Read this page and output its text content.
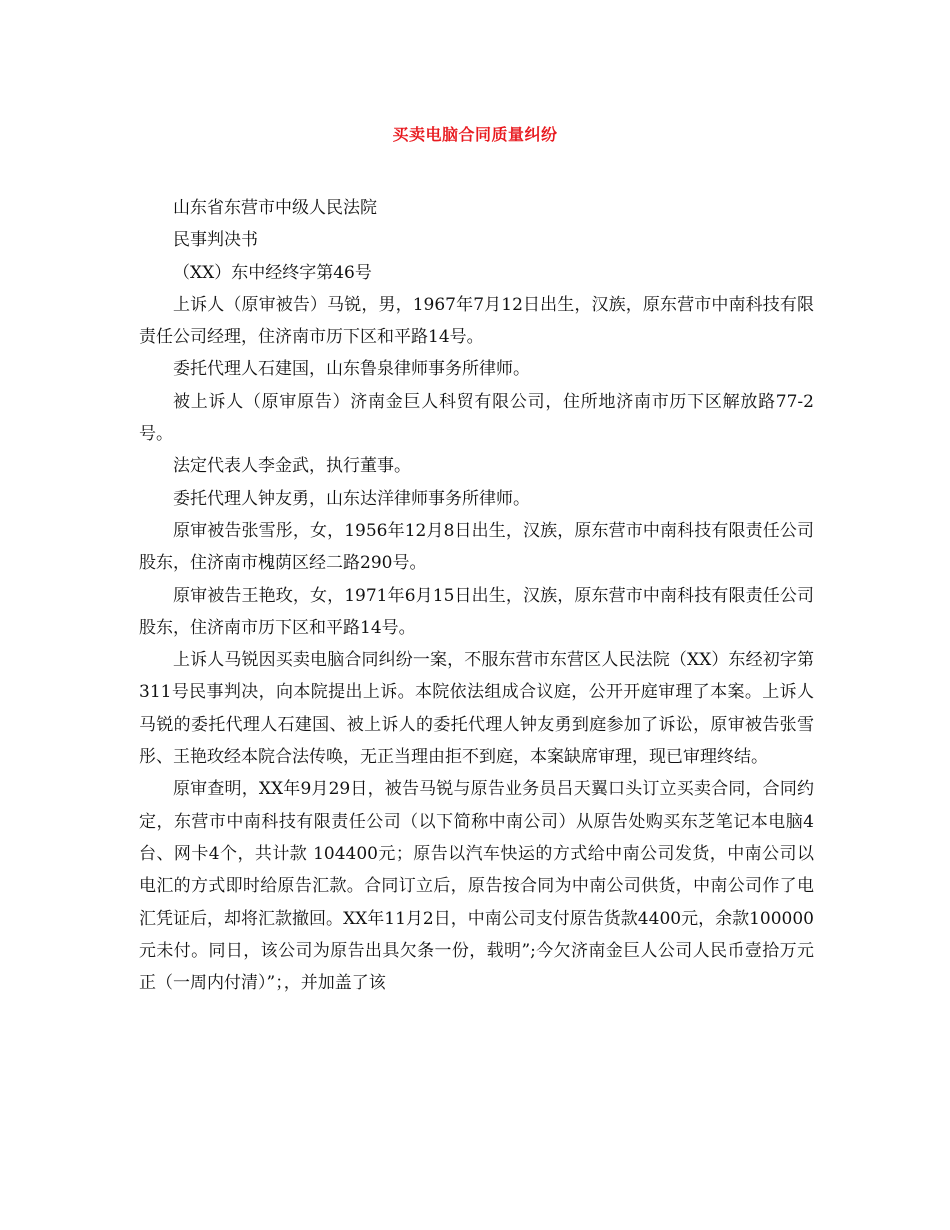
买卖电脑合同质量纠纷

山东省东营市中级人民法院

民事判决书

（XX）东中经终字第46号

上诉人（原审被告）马锐，男，1967年7月12日出生，汉族，原东营市中南科技有限责任公司经理，住济南市历下区和平路14号。

委托代理人石建国，山东鲁泉律师事务所律师。

被上诉人（原审原告）济南金巨人科贸有限公司，住所地济南市历下区解放路77-2号。

法定代表人李金武，执行董事。

委托代理人钟友勇，山东达洋律师事务所律师。

原审被告张雪彤，女，1956年12月8日出生，汉族，原东营市中南科技有限责任公司股东，住济南市槐荫区经二路290号。

原审被告王艳玫，女，1971年6月15日出生，汉族，原东营市中南科技有限责任公司股东，住济南市历下区和平路14号。

上诉人马锐因买卖电脑合同纠纷一案，不服东营市东营区人民法院（XX）东经初字第311号民事判决，向本院提出上诉。本院依法组成合议庭，公开开庭审理了本案。上诉人马锐的委托代理人石建国、被上诉人的委托代理人钟友勇到庭参加了诉讼，原审被告张雪彤、王艳玫经本院合法传唤，无正当理由拒不到庭，本案缺席审理，现已审理终结。

原审查明，XX年9月29日，被告马锐与原告业务员吕天翼口头订立买卖合同，合同约定，东营市中南科技有限责任公司（以下简称中南公司）从原告处购买东芝笔记本电脑4台、网卡4个，共计款 104400元；原告以汽车快运的方式给中南公司发货，中南公司以电汇的方式即时给原告汇款。合同订立后，原告按合同为中南公司供货，中南公司作了电汇凭证后，却将汇款撤回。XX年11月2日，中南公司支付原告货款4400元，余款100000元未付。同日，该公司为原告出具欠条一份，载明”;今欠济南金巨人公司人民币壹拾万元正（一周内付清）”；，并加盖了该
